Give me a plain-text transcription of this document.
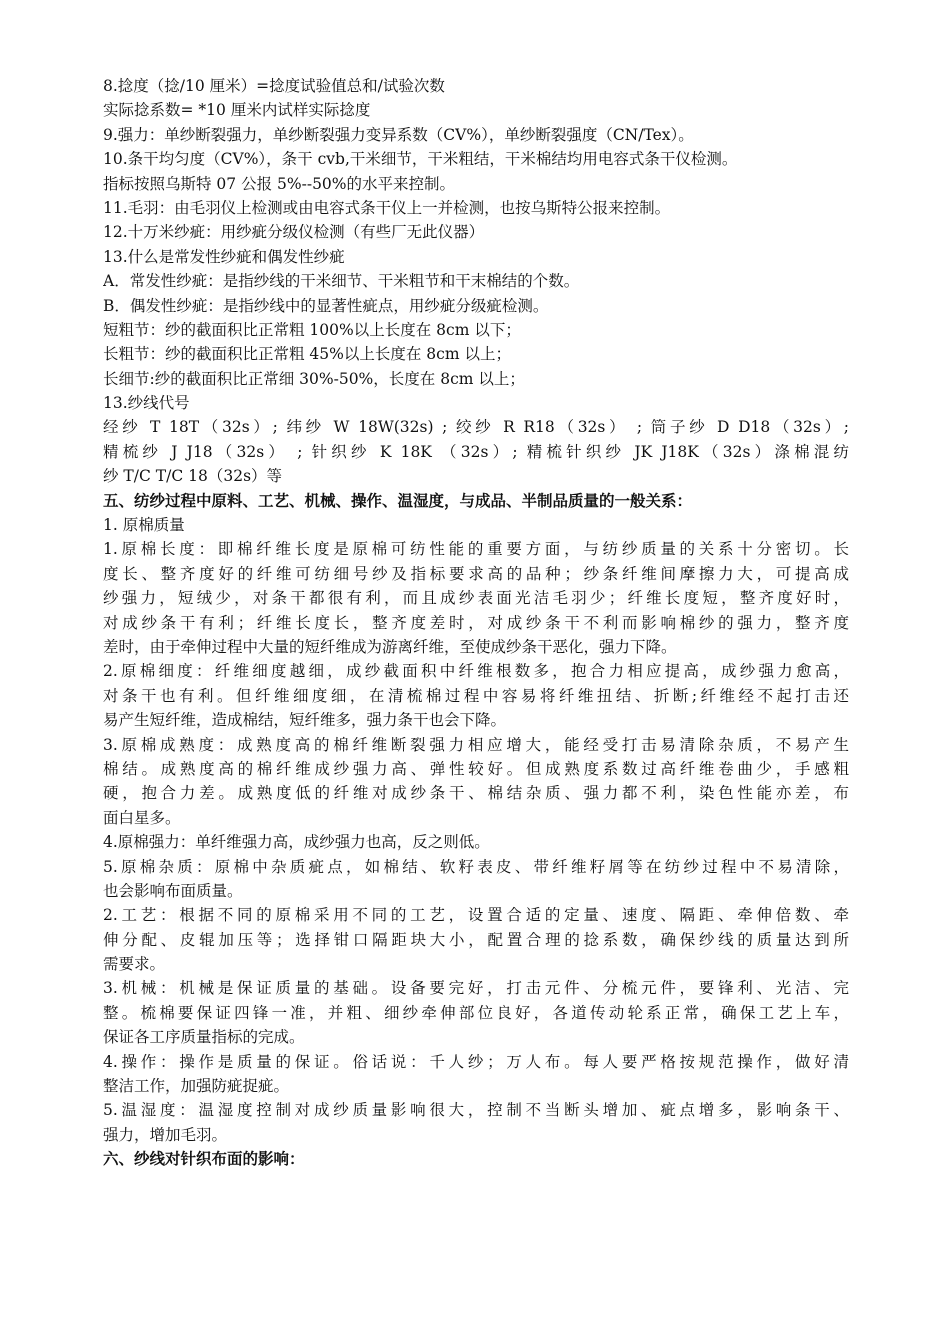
8.捻度（捻/10 厘米）=捻度试验值总和/试验次数
实际捻系数= *10 厘米内试样实际捻度
9.强力：单纱断裂强力，单纱断裂强力变异系数（CV%），单纱断裂强度（CN/Tex）。
10.条干均匀度（CV%），条干 cvb,干米细节，干米粗结，干米棉结均用电容式条干仪检测。
指标按照乌斯特 07 公报 5%--50%的水平来控制。
11.毛羽：由毛羽仪上检测或由电容式条干仪上一并检测，也按乌斯特公报来控制。
12.十万米纱疵：用纱疵分级仪检测（有些厂无此仪器）
13.什么是常发性纱疵和偶发性纱疵
A．常发性纱疵：是指纱线的干米细节、干米粗节和干末棉结的个数。
B．偶发性纱疵：是指纱线中的显著性疵点，用纱疵分级疵检测。
短粗节：纱的截面积比正常粗 100%以上长度在 8cm 以下；
长粗节：纱的截面积比正常粗 45%以上长度在 8cm 以上；
长细节:纱的截面积比正常细 30%-50%，长度在 8cm 以上；
13.纱线代号
经纱 T 18T（32s）; 纬纱 W 18W(32s) ; 绞纱 R R18（32s） ; 筒子纱 D D18（32s）;
精梳纱 J J18（32s） ; 针织纱 K 18K （32s）; 精梳针织纱 JK J18K（32s）涤棉混纺
纱 T/C T/C 18（32s）等
五、纺纱过程中原料、工艺、机械、操作、温湿度，与成品、半制品质量的一般关系：
1. 原棉质量
1.原棉长度：即棉纤维长度是原棉可纺性能的重要方面，与纺纱质量的关系十分密切。长
度长、整齐度好的纤维可纺细号纱及指标要求高的品种；纱条纤维间摩擦力大，可提高成
纱强力，短绒少，对条干都很有利，而且成纱表面光洁毛羽少；纤维长度短，整齐度好时，
对成纱条干有利；纤维长度长，整齐度差时，对成纱条干不利而影响棉纱的强力，整齐度
差时，由于牵伸过程中大量的短纤维成为游离纤维，至使成纱条干恶化，强力下降。
2.原棉细度：纤维细度越细，成纱截面积中纤维根数多，抱合力相应提高，成纱强力愈高，
对条干也有利。但纤维细度细，在清梳棉过程中容易将纤维扭结、折断;纤维经不起打击还
易产生短纤维，造成棉结，短纤维多，强力条干也会下降。
3.原棉成熟度：成熟度高的棉纤维断裂强力相应增大，能经受打击易清除杂质，不易产生
棉结。成熟度高的棉纤维成纱强力高、弹性较好。但成熟度系数过高纤维卷曲少，手感粗
硬，抱合力差。成熟度低的纤维对成纱条干、棉结杂质、强力都不利，染色性能亦差，布
面白星多。
4.原棉强力：单纤维强力高，成纱强力也高，反之则低。
5.原棉杂质：原棉中杂质疵点，如棉结、软籽表皮、带纤维籽屑等在纺纱过程中不易清除，
也会影响布面质量。
2.工艺：根据不同的原棉采用不同的工艺，设置合适的定量、速度、隔距、牵伸倍数、牵
伸分配、皮辊加压等；选择钳口隔距块大小，配置合理的捻系数，确保纱线的质量达到所
需要求。
3.机械：机械是保证质量的基础。设备要完好，打击元件、分梳元件，要锋利、光洁、完
整。梳棉要保证四锋一准，并粗、细纱牵伸部位良好，各道传动轮系正常，确保工艺上车，
保证各工序质量指标的完成。
4.操作：操作是质量的保证。俗话说：千人纱；万人布。每人要严格按规范操作，做好清
整洁工作，加强防疵捉疵。
5.温湿度：温湿度控制对成纱质量影响很大，控制不当断头增加、疵点增多，影响条干、
强力，增加毛羽。
六、纱线对针织布面的影响：
